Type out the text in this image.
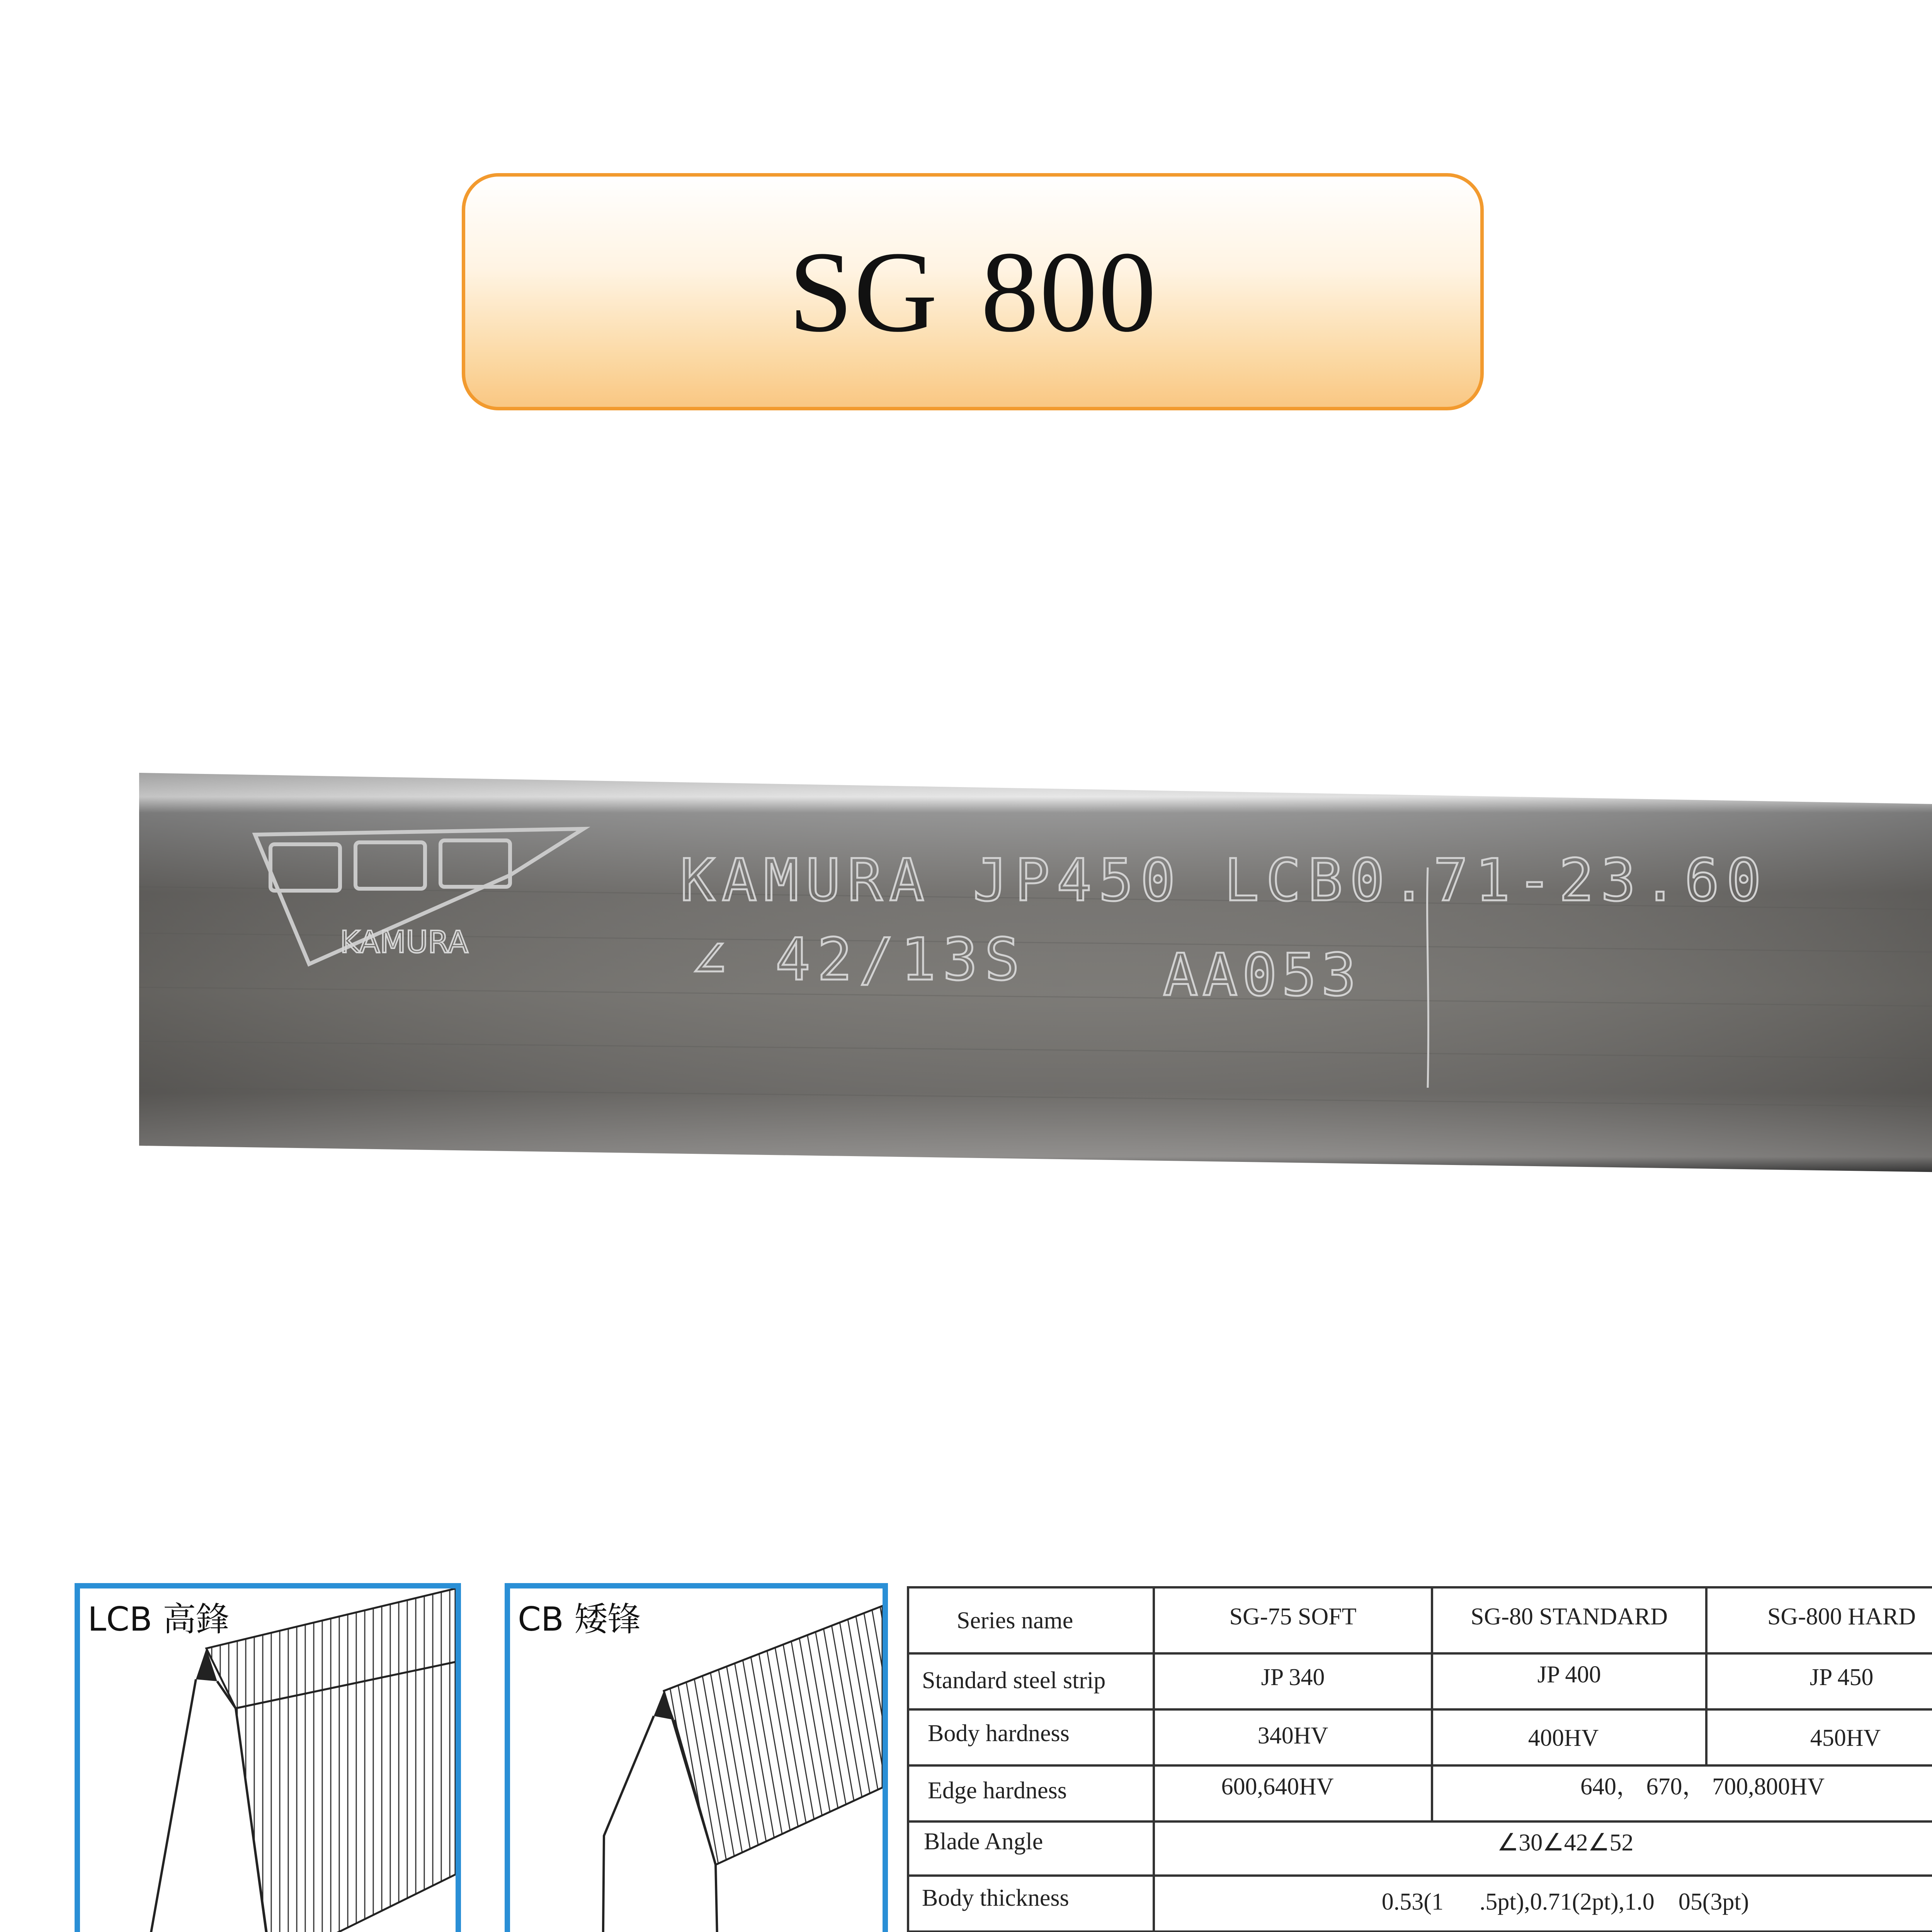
SG 800
KAMURA
KAMURA JP450 LCB0.71-23.60
∠ 42/13S AA053
LCB 高鋒	CB 矮锋	Series name	SG-75 SOFT	SG-80 STANDARD	SG-800 HARD
Standard steel strip	JP 340	JP 400	JP 450
Body hardness	340HV	400HV	450HV
Edge hardness	600,640HV	640， 670， 700,800HV
Blade Angle	∠30∠42∠52
Body thickness	0.53(1      .5pt),0.71(2pt),1.0    05(3pt)
